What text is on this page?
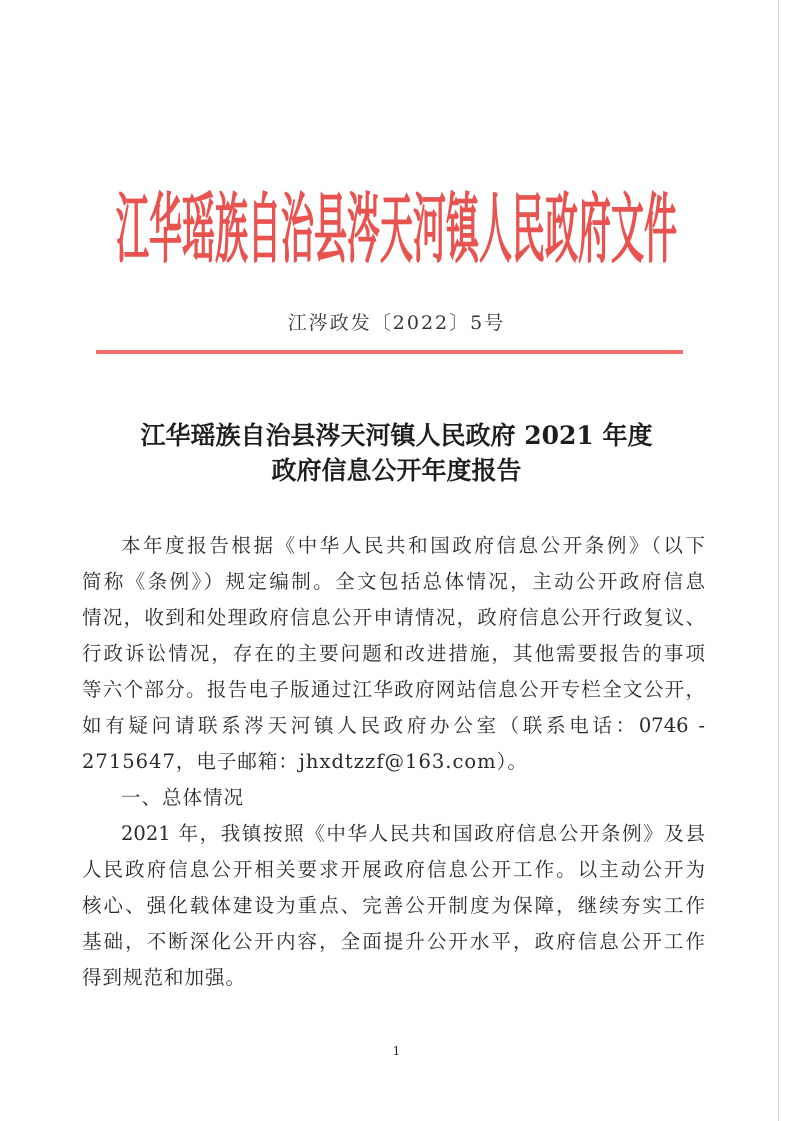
江华瑶族自治县涔天河镇人民政府文件
江涔政发〔2022〕5号
江华瑶族自治县涔天河镇人民政府 2021 年度
政府信息公开年度报告
本年度报告根据《中华人民共和国政府信息公开条例》（以下
简称《条例》）规定编制。全文包括总体情况，主动公开政府信息
情况，收到和处理政府信息公开申请情况，政府信息公开行政复议、
行政诉讼情况，存在的主要问题和改进措施，其他需要报告的事项
等六个部分。报告电子版通过江华政府网站信息公开专栏全文公开，
如有疑问请联系涔天河镇人民政府办公室（联系电话：0746 -
2715647，电子邮箱：jhxdtzzf@163.com）。
一、总体情况
2021 年，我镇按照《中华人民共和国政府信息公开条例》及县
人民政府信息公开相关要求开展政府信息公开工作。以主动公开为
核心、强化载体建设为重点、完善公开制度为保障，继续夯实工作
基础，不断深化公开内容，全面提升公开水平，政府信息公开工作
得到规范和加强。
1
